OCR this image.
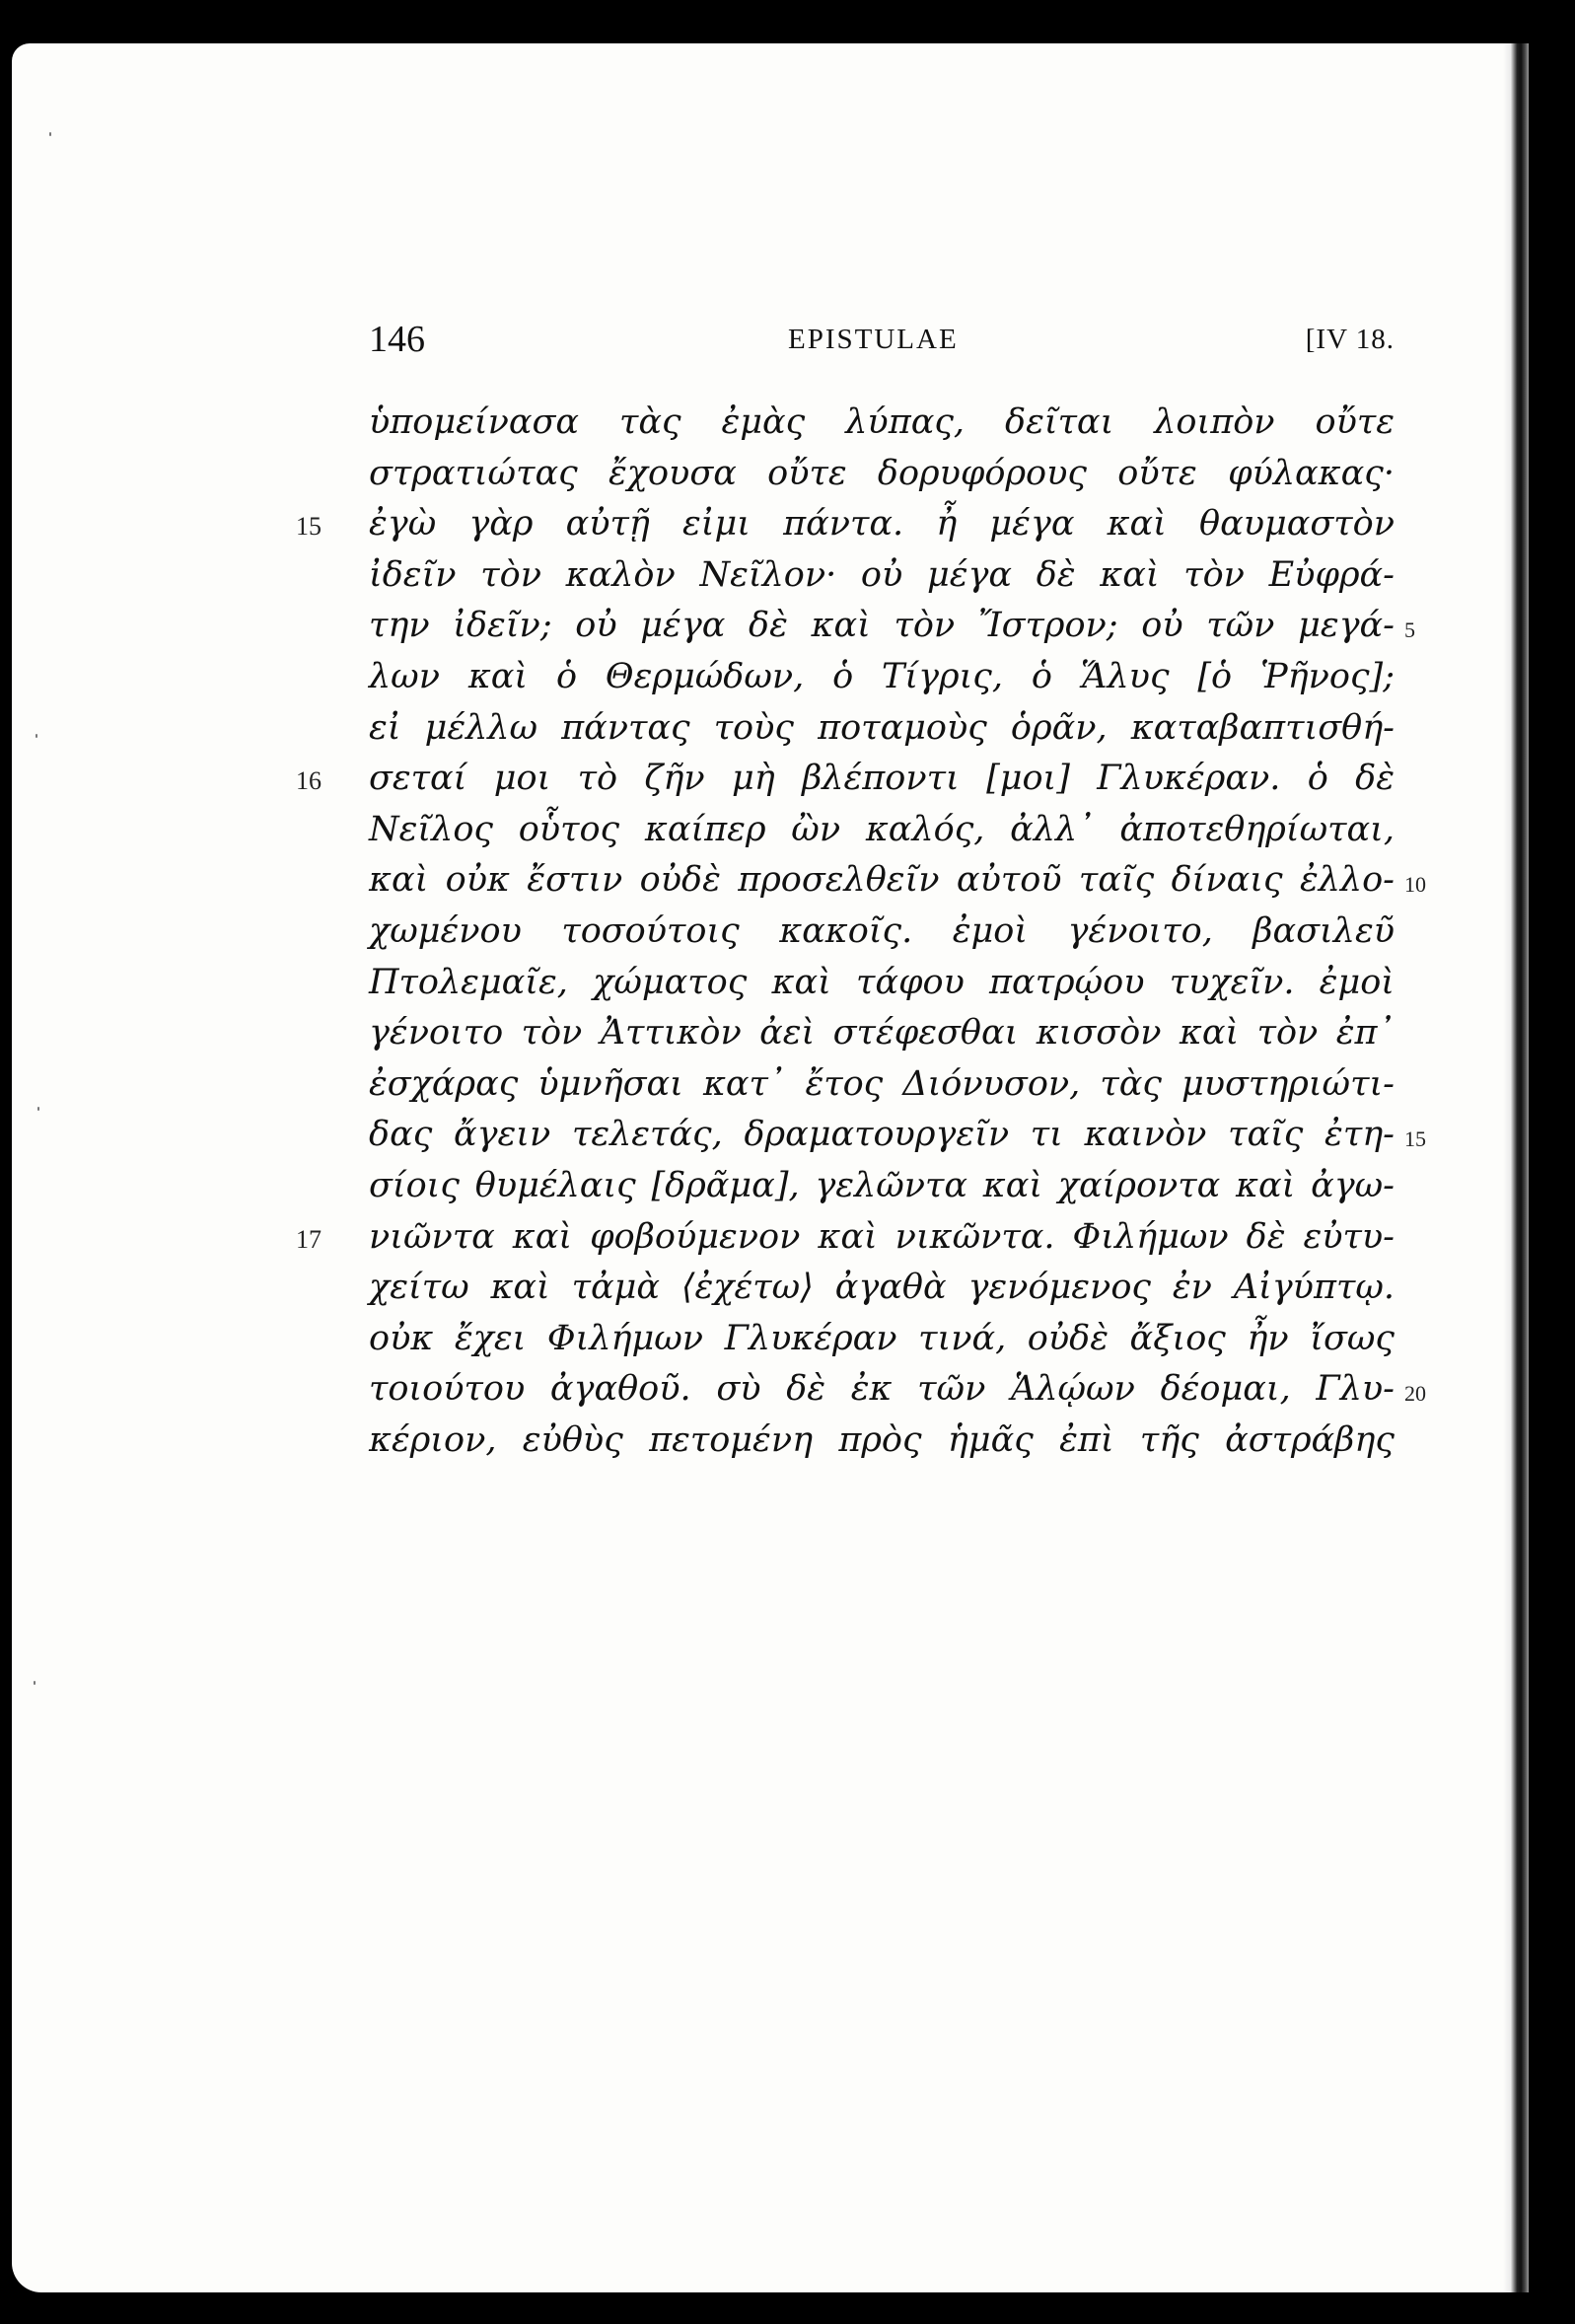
146	EPISTULAE	[IV 18.
ὑπομείνασα τὰς ἐμὰς λύπας, δεῖται λοιπὸν οὔτε
στρατιώτας ἔχουσα οὔτε δορυφόρους οὔτε φύλακας·
15 ἐγὼ γὰρ αὐτῇ εἰμι πάντα. ἦ μέγα καὶ θαυμαστὸν
ἰδεῖν τὸν καλὸν Νεῖλον· οὐ μέγα δὲ καὶ τὸν Εὐφρά-
την ἰδεῖν; οὐ μέγα δὲ καὶ τὸν Ἴστρον; οὐ τῶν μεγά- 5
λων καὶ ὁ Θερμώδων, ὁ Τίγρις, ὁ Ἅλυς [ὁ Ῥῆνος];
εἰ μέλλω πάντας τοὺς ποταμοὺς ὁρᾶν, καταβαπτισθή-
16 σεταί μοι τὸ ζῆν μὴ βλέποντι [μοι] Γλυκέραν. ὁ δὲ
Νεῖλος οὗτος καίπερ ὢν καλός, ἀλλ᾽ ἀποτεθηρίωται,
καὶ οὐκ ἔστιν οὐδὲ προσελθεῖν αὐτοῦ ταῖς δίναις ἐλλο- 10
χωμένου τοσούτοις κακοῖς. ἐμοὶ γένοιτο, βασιλεῦ
Πτολεμαῖε, χώματος καὶ τάφου πατρῴου τυχεῖν. ἐμοὶ
γένοιτο τὸν Ἀττικὸν ἀεὶ στέφεσθαι κισσὸν καὶ τὸν ἐπ᾽
ἐσχάρας ὑμνῆσαι κατ᾽ ἔτος Διόνυσον, τὰς μυστηριώτι-
δας ἄγειν τελετάς, δραματουργεῖν τι καινὸν ταῖς ἐτη- 15
σίοις θυμέλαις [δρᾶμα], γελῶντα καὶ χαίροντα καὶ ἀγω-
17 νιῶντα καὶ φοβούμενον καὶ νικῶντα. Φιλήμων δὲ εὐτυ-
χείτω καὶ τἀμὰ ⟨ἐχέτω⟩ ἀγαθὰ γενόμενος ἐν Αἰγύπτῳ.
οὐκ ἔχει Φιλήμων Γλυκέραν τινά, οὐδὲ ἄξιος ἦν ἴσως
τοιούτου ἀγαθοῦ. σὺ δὲ ἐκ τῶν Ἁλῴων δέομαι, Γλυ- 20
κέριον, εὐθὺς πετομένη πρὸς ἡμᾶς ἐπὶ τῆς ἀστράβης
